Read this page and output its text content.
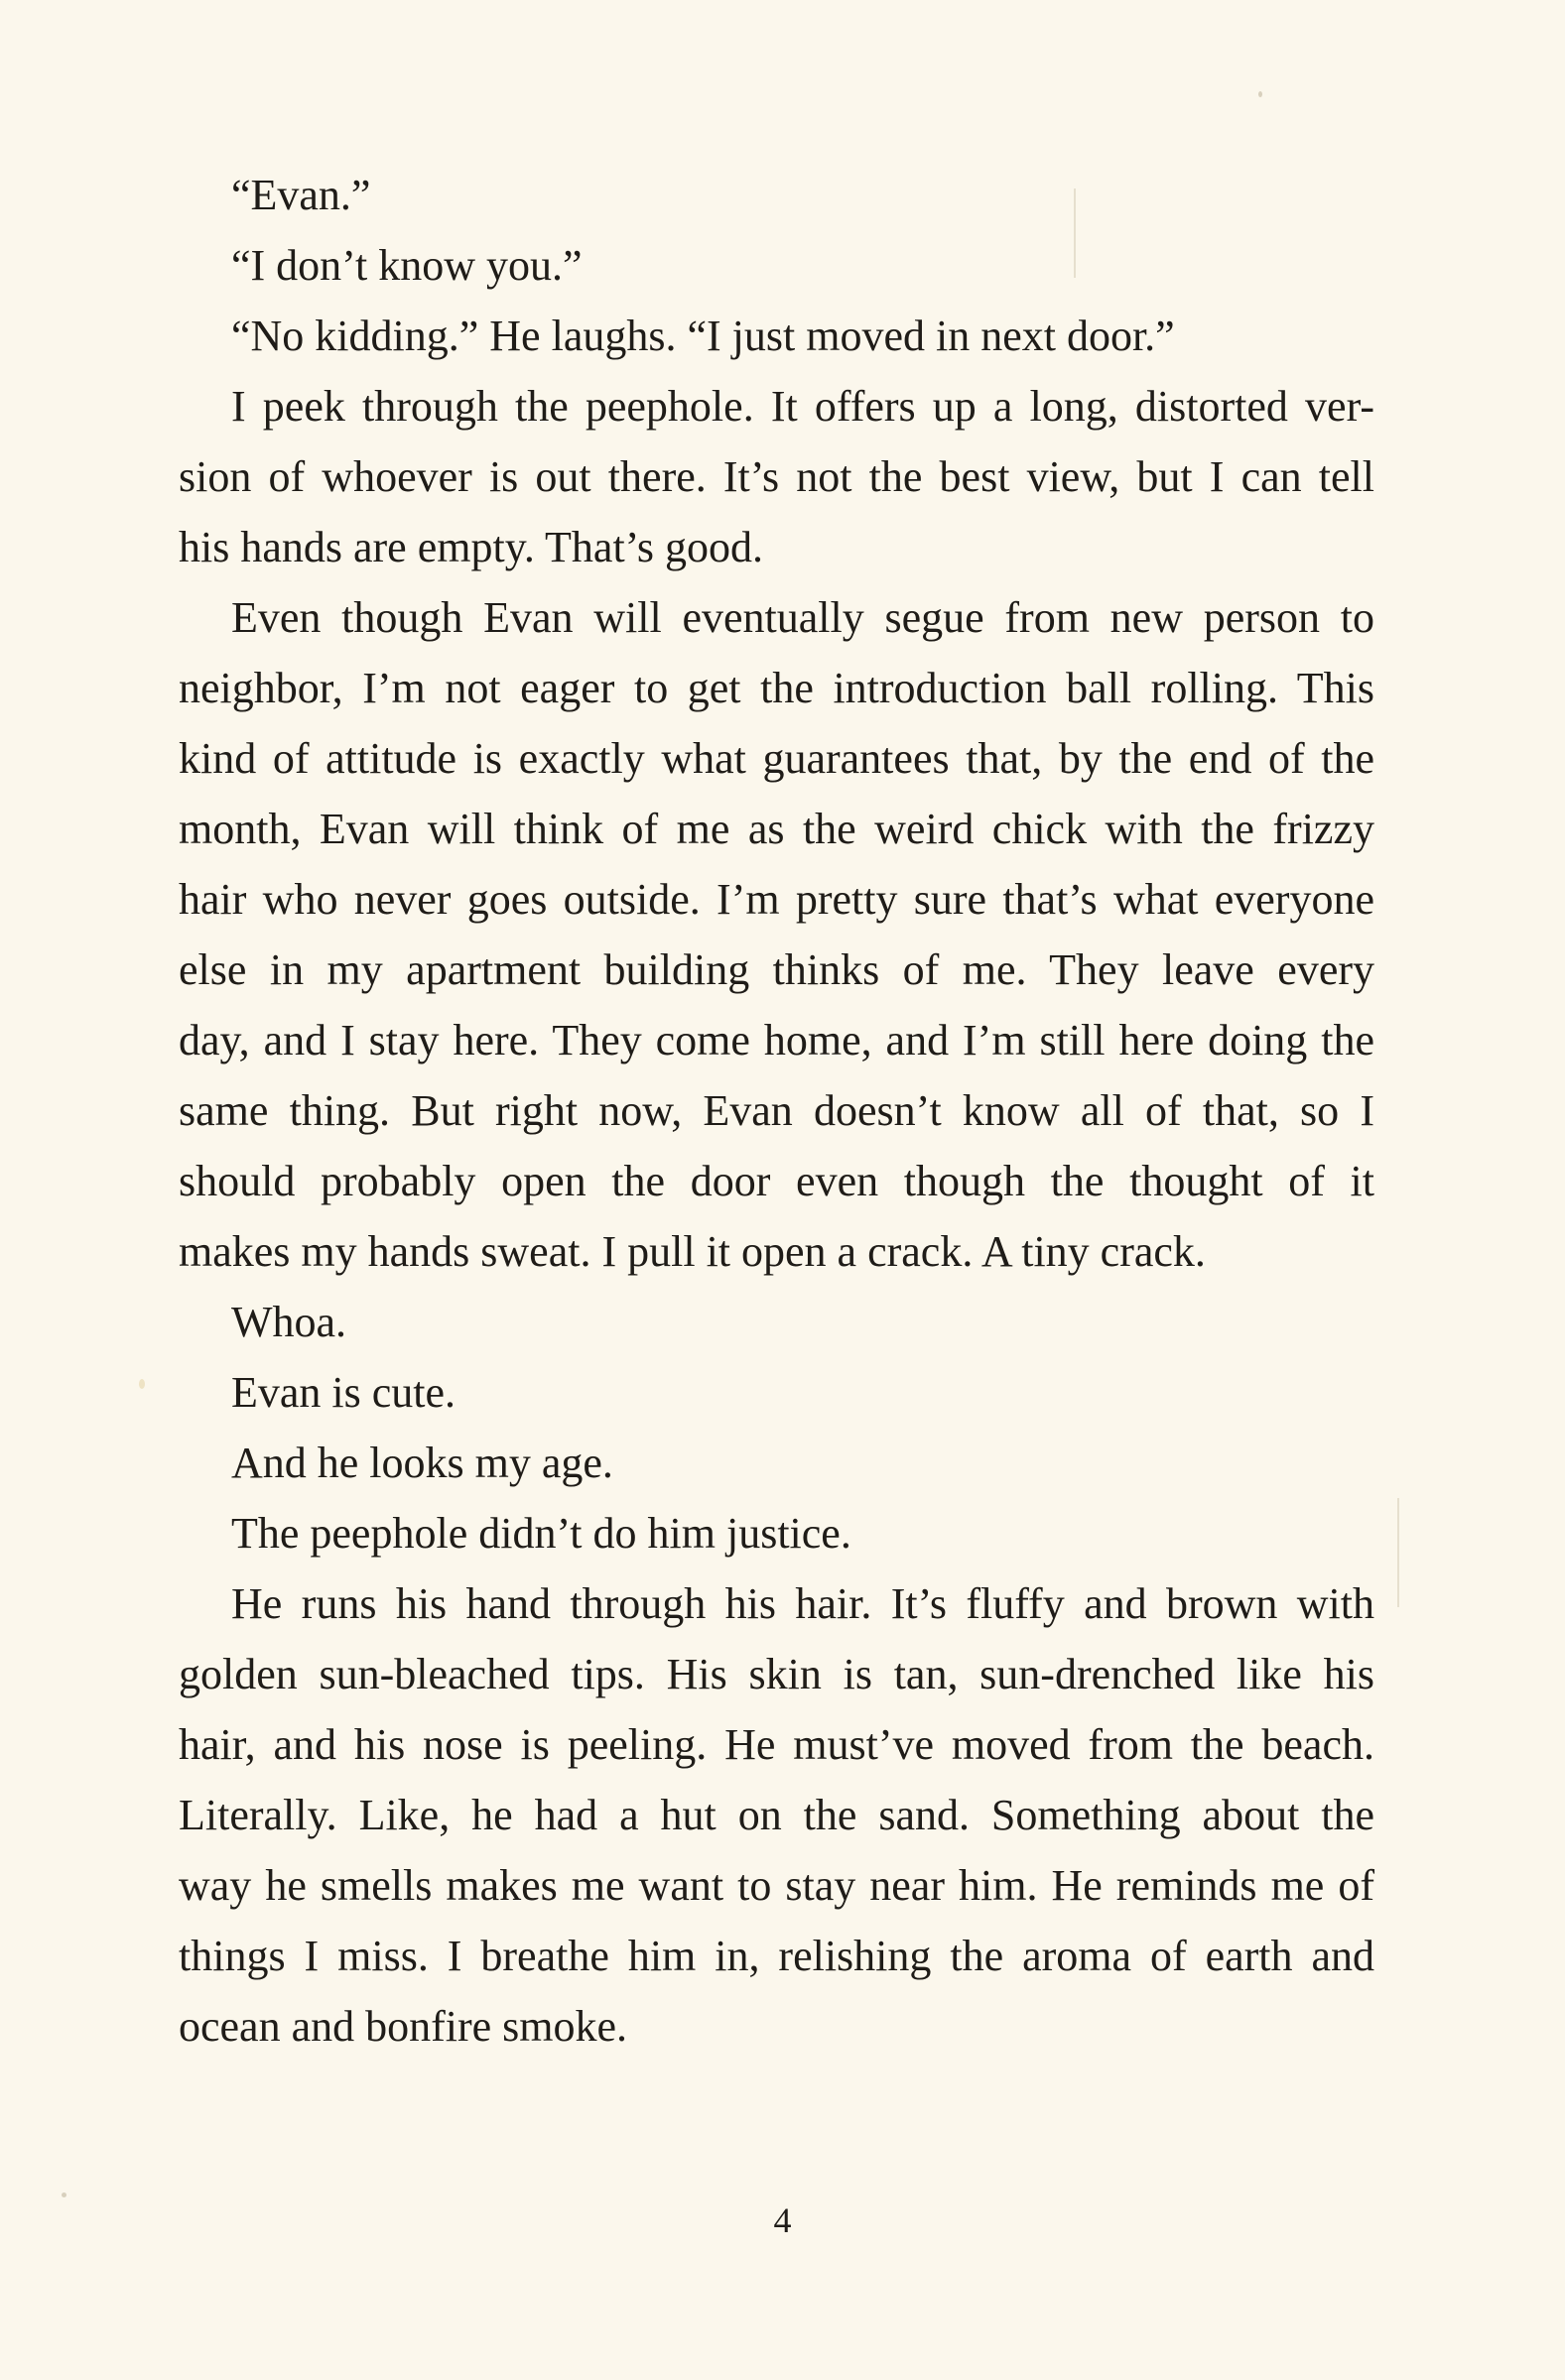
“Evan.”
“I don’t know you.”
“No kidding.” He laughs. “I just moved in next door.”
I peek through the peephole. It offers up a long, distorted ver-
sion of whoever is out there. It’s not the best view, but I can tell
his hands are empty. That’s good.
Even though Evan will eventually segue from new person to
neighbor, I’m not eager to get the introduction ball rolling. This
kind of attitude is exactly what guarantees that, by the end of the
month, Evan will think of me as the weird chick with the frizzy
hair who never goes outside. I’m pretty sure that’s what everyone
else in my apartment building thinks of me. They leave every
day, and I stay here. They come home, and I’m still here doing the
same thing. But right now, Evan doesn’t know all of that, so I
should probably open the door even though the thought of it
makes my hands sweat. I pull it open a crack. A tiny crack.
Whoa.
Evan is cute.
And he looks my age.
The peephole didn’t do him justice.
He runs his hand through his hair. It’s fluffy and brown with
golden sun-bleached tips. His skin is tan, sun-drenched like his
hair, and his nose is peeling. He must’ve moved from the beach.
Literally. Like, he had a hut on the sand. Something about the
way he smells makes me want to stay near him. He reminds me of
things I miss. I breathe him in, relishing the aroma of earth and
ocean and bonfire smoke.
4
